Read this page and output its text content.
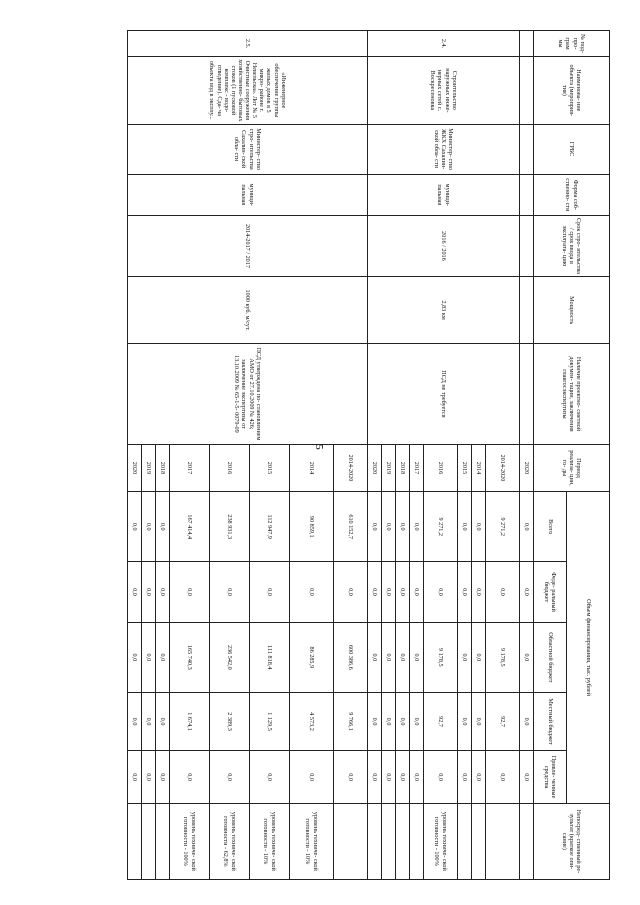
5
№ под- про- грам мы	Наименова- ние объекта (мероприя- тия)	ГРБС	Форма соб- ственно- сти	Срок стро- ительства / срок ввода в эксплуата- цию	Мощность	Наличие проектно- сметной докумен- тации, заключения главгосэкспертизы	Период реализа- ции, го- ды	Объем финансирования, тыс. рублей					Непосред- ственный ре- зультат (краткое опи- сание)
								Всего	Феде- ральный бюджет	Областной бюджет	Местный бюджет	Привле- ченные средства	
							2020	0,0	0,0	0,0	0,0	0,0	
2.4.	Строительство наружных инже- нерных сетей с. Воскресеновка	Министер- ство ЖКХ Сахалин- ской обла- сти	муници- пальная	2016 / 2016	2,83 км	ПСД не требуется	2014-2020	9 271,2	0,0	9 178,5	92,7	0,0	
							2014	0,0	0,0	0,0	0,0	0,0	
							2015	0,0	0,0	0,0	0,0	0,0	
							2016	9 271,2	0,0	9 178,5	92,7	0,0	уровень техниче- ской готовности - 100%
							2017	0,0	0,0	0,0	0,0	0,0	
							2018	0,0	0,0	0,0	0,0	0,0	
							2019	0,0	0,0	0,0	0,0	0,0	
							2020	0,0	0,0	0,0	0,0	0,0	
2.5.	«Инженерное обеспечение группы жилых домов в 5 микро- районе г. Невельска». Лот № 5 Очистные сооружения хозяйственно- бытовых стоков (1 пусковой комплекс - водо- отведение). Сда- ча объекта вод в эксплу...	Министер- ство стро- ительства Сахалин- ской обла- сти	муници- пальная	2014-2017 / 2017	1000 куб. м/сут.	ПСД утверждена по- становлением АМО от 27.10.2009 № 426; заключение экспертизы от 13.10.2009 № 65-1-5- 0079-09	2014-2020	610 152,7	0,0	600 386,6	9 766,1	0,0	
							2014	90 859,1	0,0	86 285,9	4 573,2	0,0	уровень техниче- ской готовности - 10%
							2015	112 947,9	0,0	111 818,4	1 129,5	0,0	уровень техниче- ской готовности - 10%
							2016	238 931,3	0,0	236 542,0	2 389,3	0,0	уровень техниче- ской готовности - 62,8%
							2017	167 414,4	0,0	165 740,3	1 674,1	0,0	уровень техниче- ской готовности - 100%
							2018	0,0	0,0	0,0	0,0	0,0	
							2019	0,0	0,0	0,0	0,0	0,0	
							2020	0,0	0,0	0,0	0,0	0,0	
